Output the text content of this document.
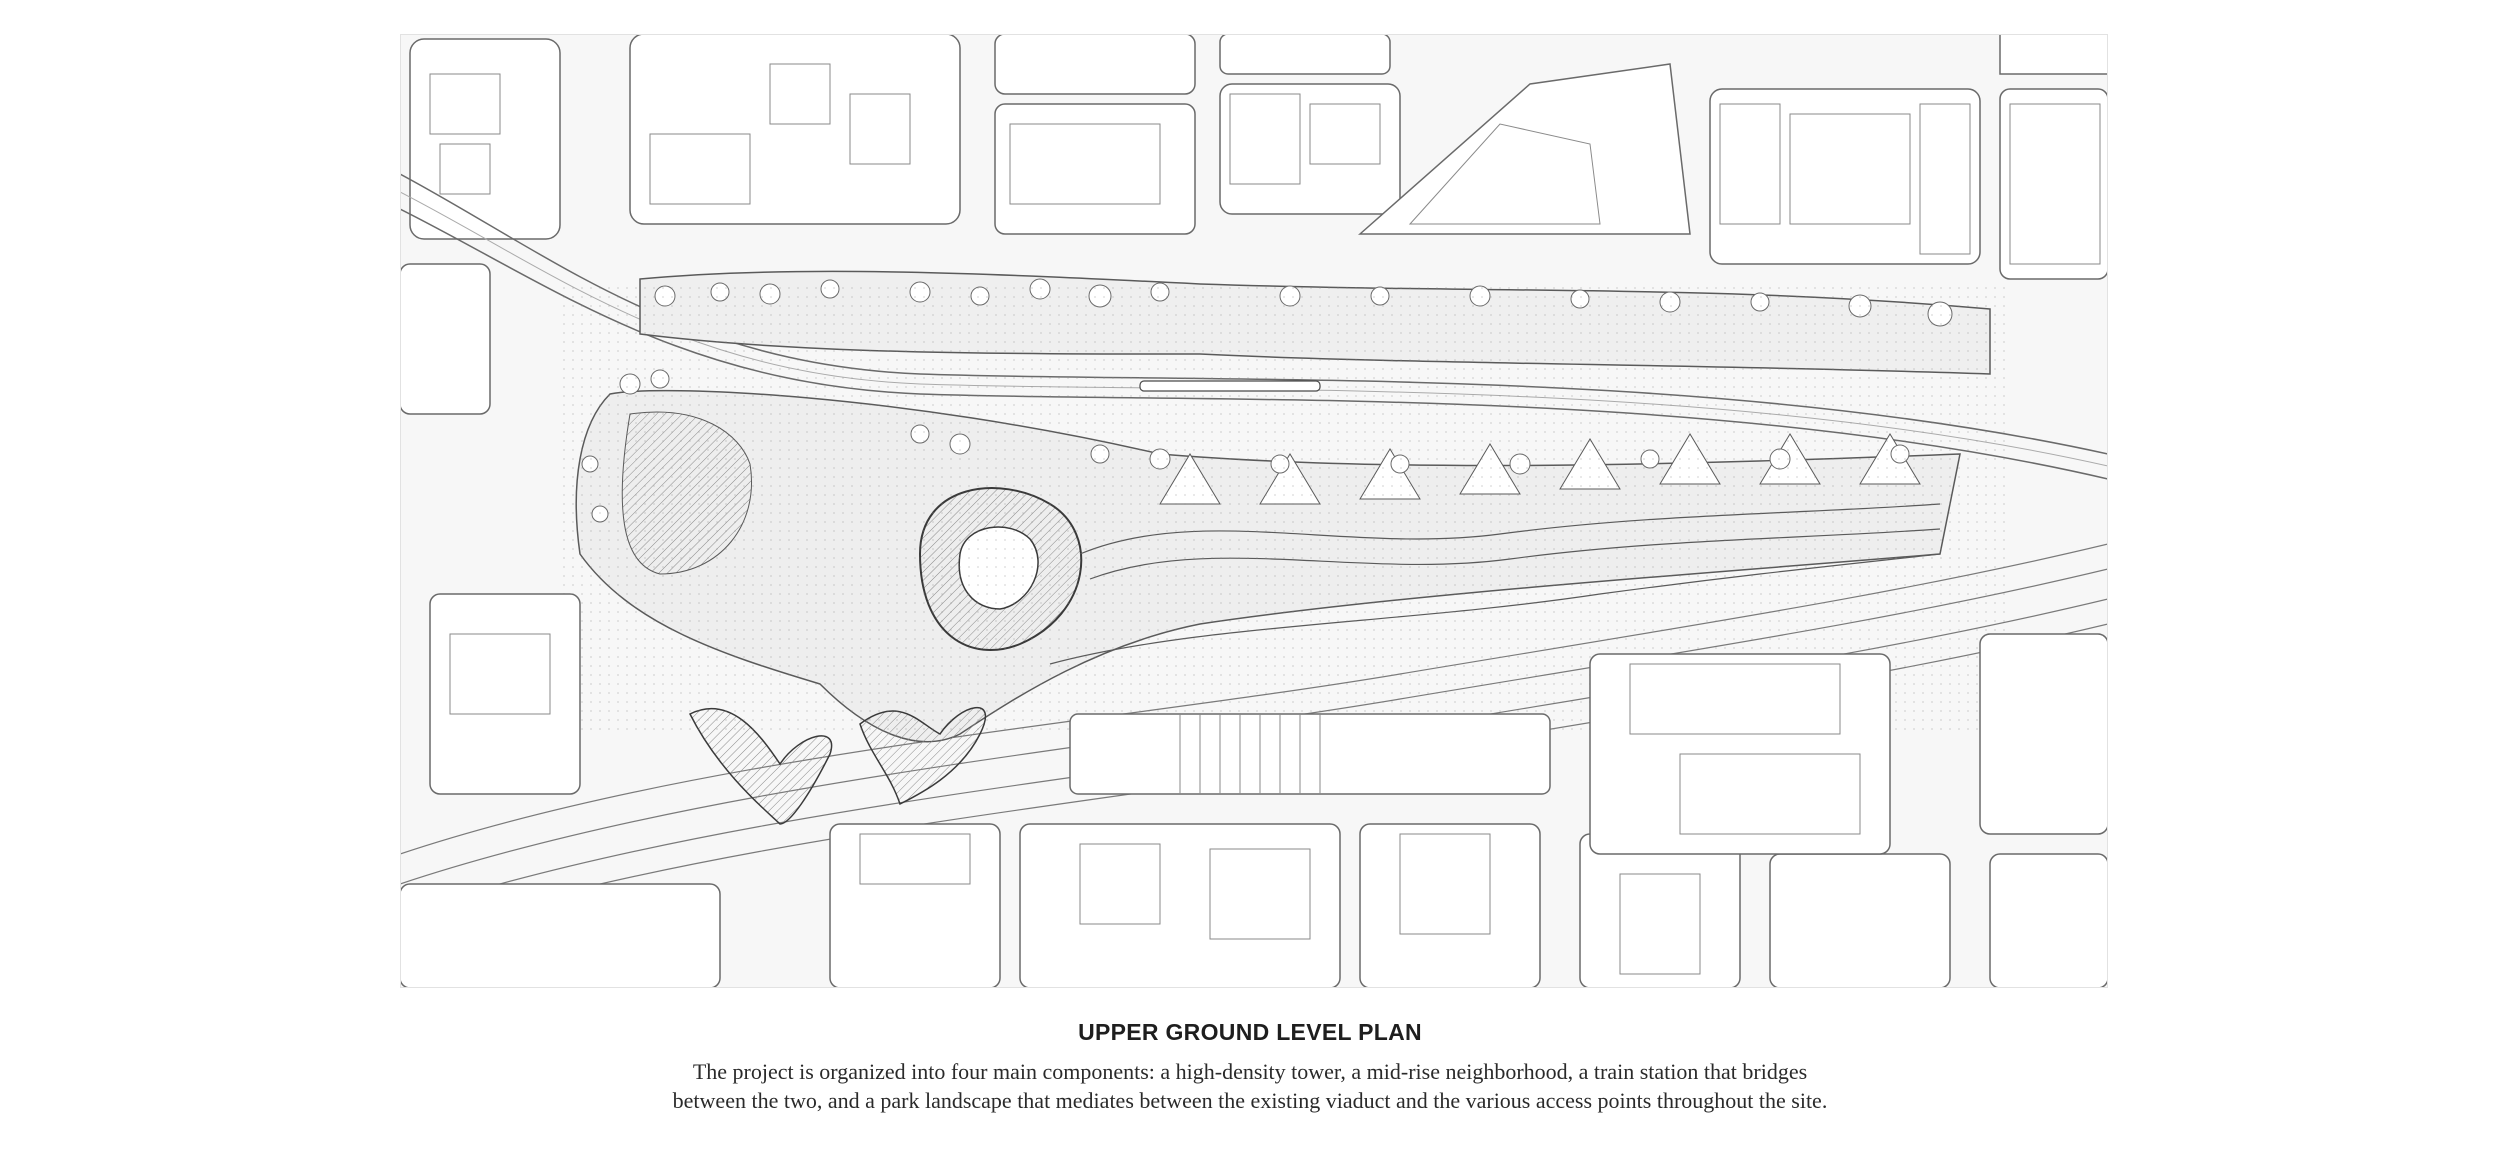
UPPER GROUND LEVEL PLAN
The project is organized into four main components: a high-density tower, a mid-rise neighborhood, a train station that bridges between the two, and a park landscape that mediates between the existing viaduct and the various access points throughout the site.
